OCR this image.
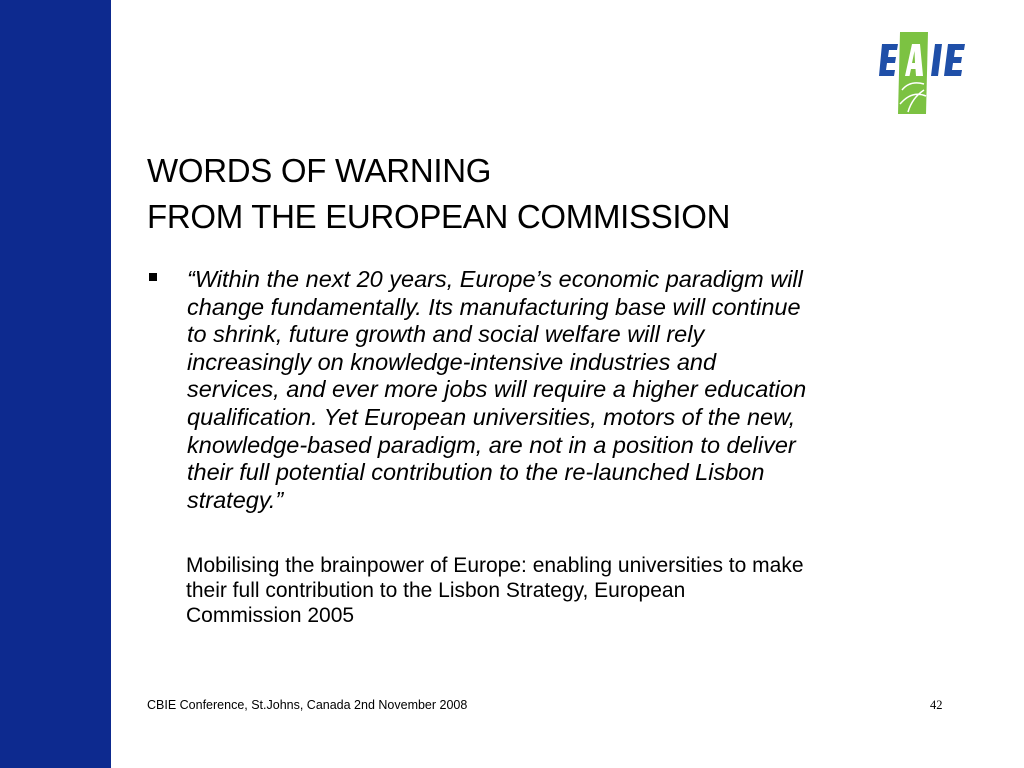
WORDS OF WARNING
FROM THE EUROPEAN COMMISSION
“Within the next 20 years, Europe’s economic paradigm will
change fundamentally. Its manufacturing base will continue
to shrink, future growth and social welfare will rely
increasingly on knowledge-intensive industries and
services, and ever more jobs will require a higher education
qualification. Yet European universities, motors of the new,
knowledge-based paradigm, are not in a position to deliver
their full potential contribution to the re-launched Lisbon
strategy.”
Mobilising the brainpower of Europe: enabling universities to make
their full contribution to the Lisbon Strategy, European
Commission 2005
CBIE Conference, St.Johns, Canada 2nd November 2008	42
